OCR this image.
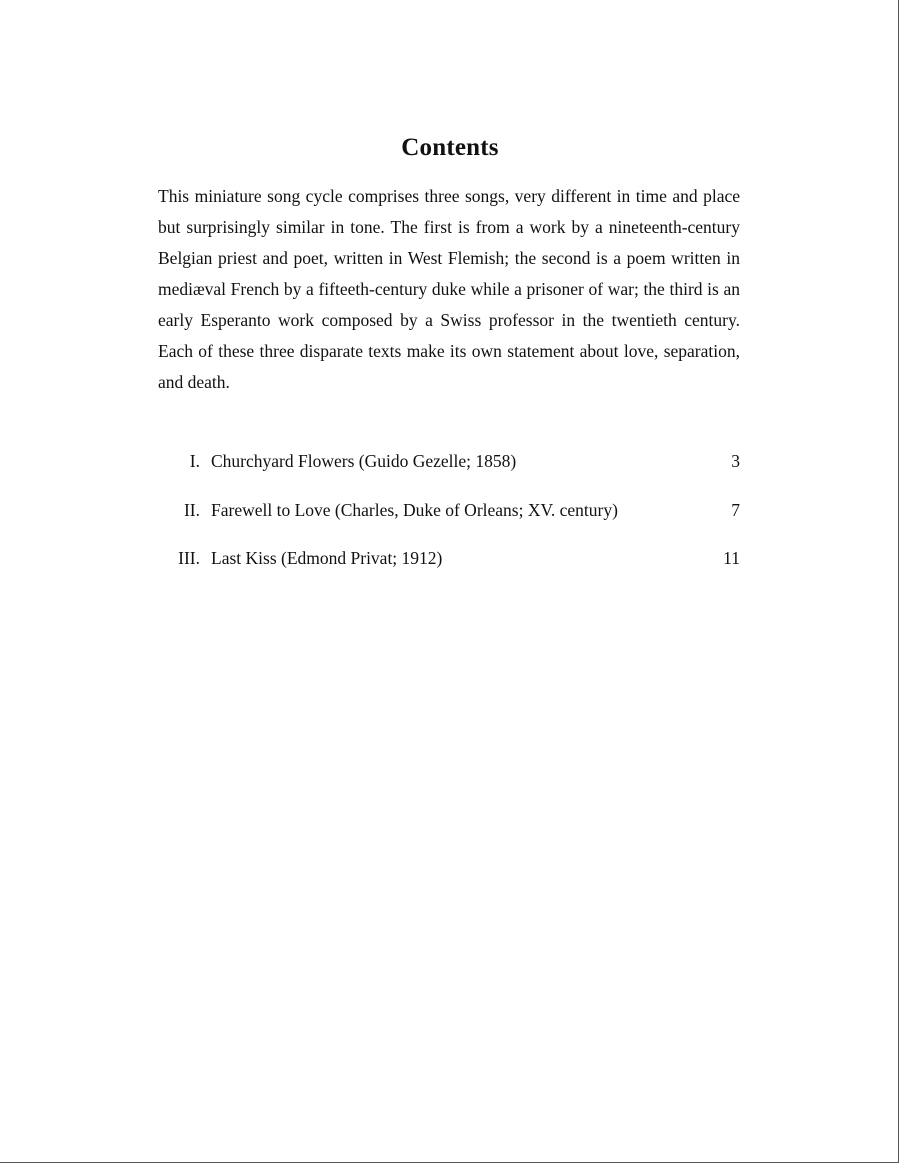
Contents

This miniature song cycle comprises three songs, very different in time and place but surprisingly similar in tone. The first is from a work by a nineteenth-century Belgian priest and poet, written in West Flemish; the second is a poem written in mediæval French by a fifteeth-century duke while a prisoner of war; the third is an early Esperanto work composed by a Swiss professor in the twentieth century. Each of these three disparate texts make its own statement about love, separation, and death.

I. Churchyard Flowers (Guido Gezelle; 1858)	3
II. Farewell to Love (Charles, Duke of Orleans; XV. century)	7
III. Last Kiss (Edmond Privat; 1912)	11
